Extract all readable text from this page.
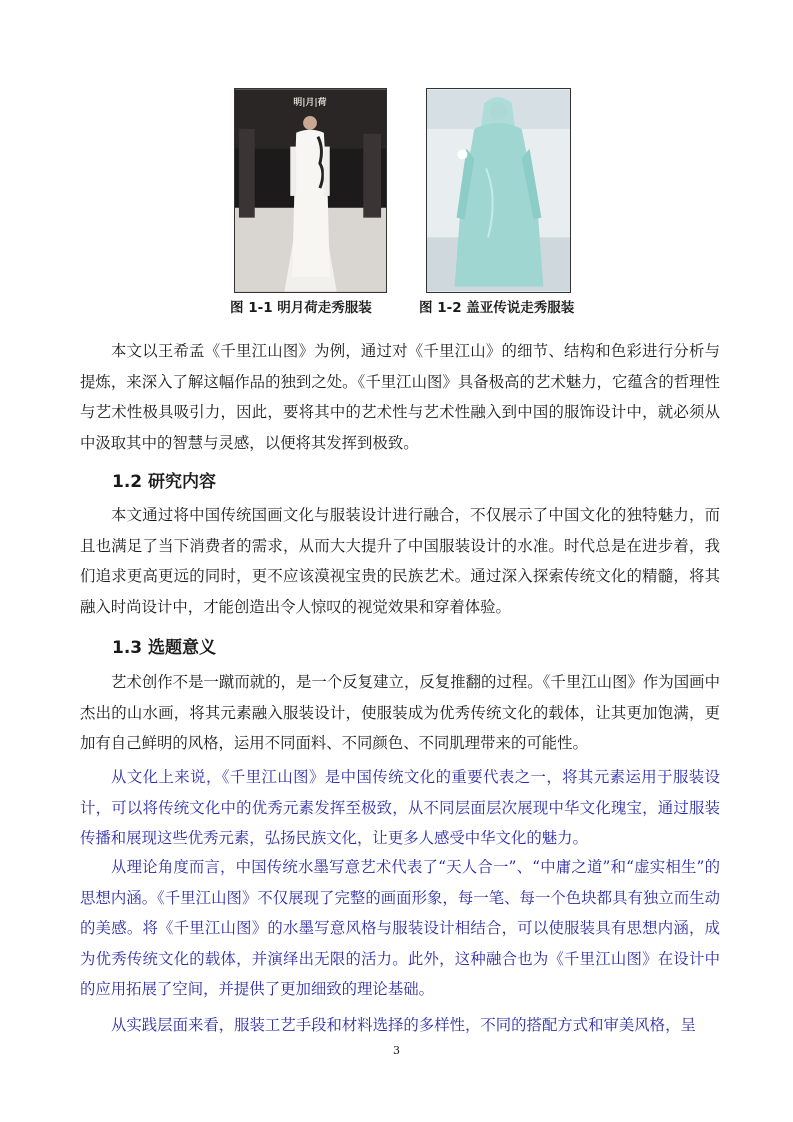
明|月|荷
图 1-1 明月荷走秀服装	图 1-2 盖亚传说走秀服装

本文以王希孟《千里江山图》为例，通过对《千里江山》的细节、结构和色彩进行分析与提炼，来深入了解这幅作品的独到之处。《千里江山图》具备极高的艺术魅力，它蕴含的哲理性与艺术性极具吸引力，因此，要将其中的艺术性与艺术性融入到中国的服饰设计中，就必须从中汲取其中的智慧与灵感，以便将其发挥到极致。

1.2 研究内容

本文通过将中国传统国画文化与服装设计进行融合，不仅展示了中国文化的独特魅力，而且也满足了当下消费者的需求，从而大大提升了中国服装设计的水准。时代总是在进步着，我们追求更高更远的同时，更不应该漠视宝贵的民族艺术。通过深入探索传统文化的精髓，将其融入时尚设计中，才能创造出令人惊叹的视觉效果和穿着体验。

1.3 选题意义

艺术创作不是一蹴而就的，是一个反复建立，反复推翻的过程。《千里江山图》作为国画中杰出的山水画，将其元素融入服装设计，使服装成为优秀传统文化的载体，让其更加饱满，更加有自己鲜明的风格，运用不同面料、不同颜色、不同肌理带来的可能性。

从文化上来说，《千里江山图》是中国传统文化的重要代表之一，将其元素运用于服装设计，可以将传统文化中的优秀元素发挥至极致，从不同层面层次展现中华文化瑰宝，通过服装传播和展现这些优秀元素，弘扬民族文化，让更多人感受中华文化的魅力。

从理论角度而言，中国传统水墨写意艺术代表了“天人合一”、“中庸之道”和“虚实相生”的思想内涵。《千里江山图》不仅展现了完整的画面形象，每一笔、每一个色块都具有独立而生动的美感。将《千里江山图》的水墨写意风格与服装设计相结合，可以使服装具有思想内涵，成为优秀传统文化的载体，并演绎出无限的活力。此外，这种融合也为《千里江山图》在设计中的应用拓展了空间，并提供了更加细致的理论基础。

从实践层面来看，服装工艺手段和材料选择的多样性，不同的搭配方式和审美风格，呈

3
